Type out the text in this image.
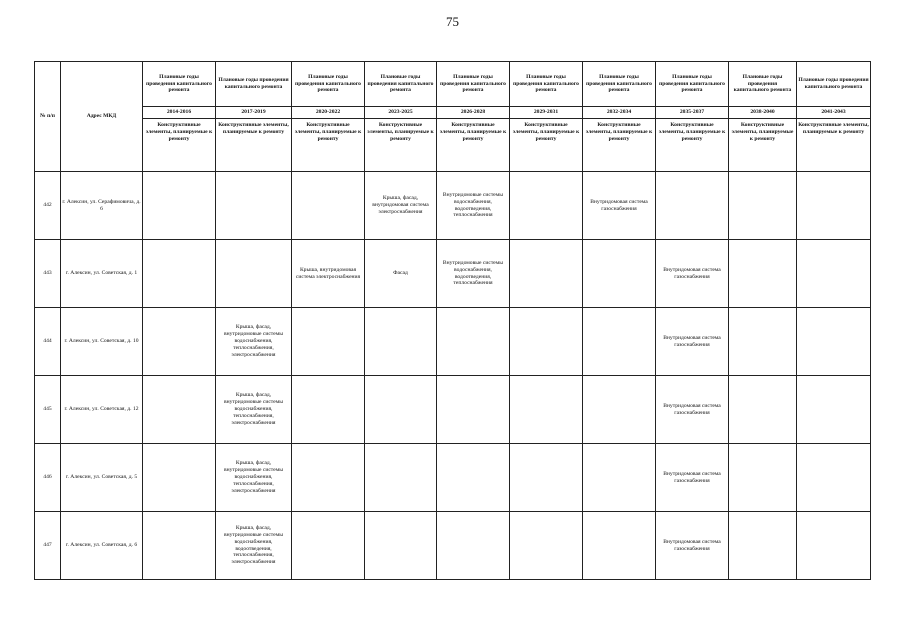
75
№ п/п	Адрес МКД	Плановые годы проведения капитального ремонта	Плановые годы проведения капитального ремонта	Плановые годы проведения капитального ремонта	Плановые годы проведения капитального ремонта	Плановые годы проведения капитального ремонта	Плановые годы проведения капитального ремонта	Плановые годы проведения капитального ремонта	Плановые годы проведения капитального ремонта	Плановые годы проведения капитального ремонта	Плановые годы проведения капитального ремонта
		2014-2016	2017-2019	2020-2022	2023-2025	2026-2028	2029-2031	2032-2034	2035-2037	2038-2040	2041-2043
		Конструктивные элементы, планируемые к ремонту	Конструктивные элементы, планируемые к ремонту	Конструктивные элементы, планируемые к ремонту	Конструктивные элементы, планируемые к ремонту	Конструктивные элементы, планируемые к ремонту	Конструктивные элементы, планируемые к ремонту	Конструктивные элементы, планируемые к ремонту	Конструктивные элементы, планируемые к ремонту	Конструктивные элементы, планируемые к ремонту	Конструктивные элементы, планируемые к ремонту
442	г. Алексин, ул. Серафимовича, д. 6				Крыша, фасад, внутридомовая система электроснабжения	Внутридомовые системы водоснабжения, водоотведения, теплоснабжения		Внутридомовая система газоснабжения			
443	г. Алексин, ул. Советская, д. 1			Крыша, внутридомовая система электроснабжения	Фасад	Внутридомовые системы водоснабжения, водоотведения, теплоснабжения			Внутридомовая система газоснабжения		
444	г. Алексин, ул. Советская, д. 10		Крыша, фасад, внутридомовые системы водоснабжения, теплоснабжения, электроснабжения						Внутридомовая система газоснабжения		
445	г. Алексин, ул. Советская, д. 12		Крыша, фасад, внутридомовые системы водоснабжения, теплоснабжения, электроснабжения						Внутридомовая система газоснабжения		
446	г. Алексин, ул. Советская, д. 5		Крыша, фасад, внутридомовые системы водоснабжения, теплоснабжения, электроснабжения						Внутридомовая система газоснабжения		
447	г. Алексин, ул. Советская, д. 6		Крыша, фасад, внутридомовые системы водоснабжения, водоотведения, теплоснабжения, электроснабжения						Внутридомовая система газоснабжения		
